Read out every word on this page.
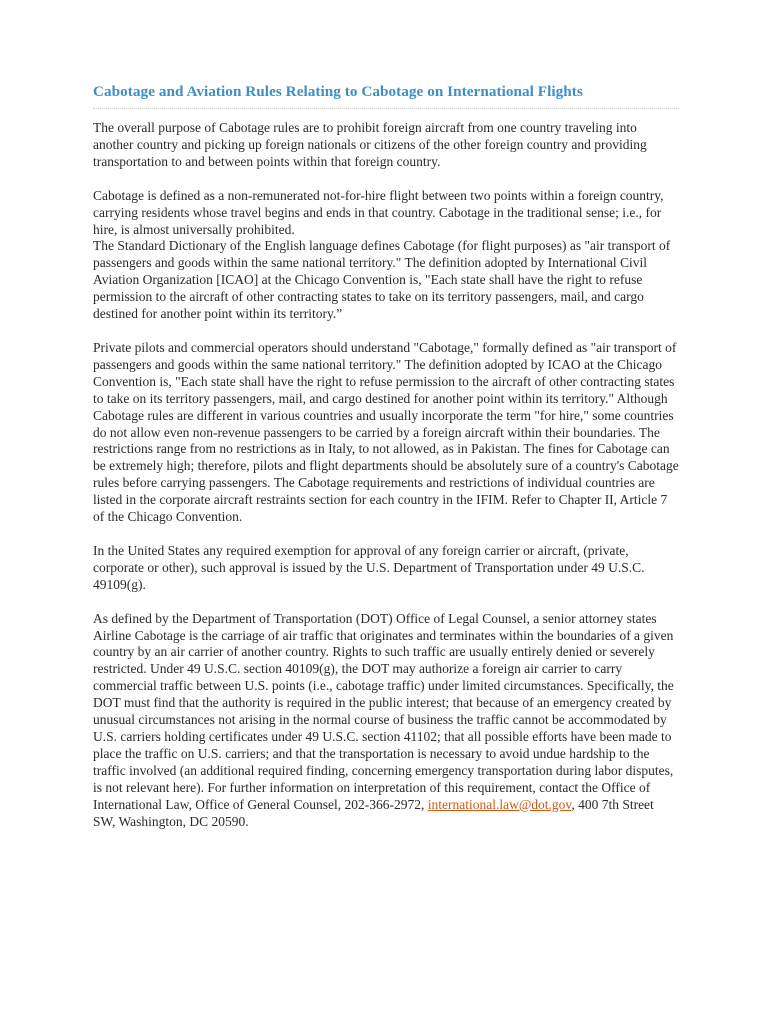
Cabotage and Aviation Rules Relating to Cabotage on International Flights

The overall purpose of Cabotage rules are to prohibit foreign aircraft from one country traveling into another country and picking up foreign nationals or citizens of the other foreign country and providing transportation to and between points within that foreign country.

Cabotage is defined as a non-remunerated not-for-hire flight between two points within a foreign country, carrying residents whose travel begins and ends in that country. Cabotage in the traditional sense; i.e., for hire, is almost universally prohibited.

The Standard Dictionary of the English language defines Cabotage (for flight purposes) as "air transport of passengers and goods within the same national territory." The definition adopted by International Civil Aviation Organization [ICAO] at the Chicago Convention is, "Each state shall have the right to refuse permission to the aircraft of other contracting states to take on its territory passengers, mail, and cargo destined for another point within its territory.”

Private pilots and commercial operators should understand "Cabotage," formally defined as "air transport of passengers and goods within the same national territory." The definition adopted by ICAO at the Chicago Convention is, "Each state shall have the right to refuse permission to the aircraft of other contracting states to take on its territory passengers, mail, and cargo destined for another point within its territory." Although Cabotage rules are different in various countries and usually incorporate the term "for hire," some countries do not allow even non-revenue passengers to be carried by a foreign aircraft within their boundaries. The restrictions range from no restrictions as in Italy, to not allowed, as in Pakistan. The fines for Cabotage can be extremely high; therefore, pilots and flight departments should be absolutely sure of a country's Cabotage rules before carrying passengers. The Cabotage requirements and restrictions of individual countries are listed in the corporate aircraft restraints section for each country in the IFIM. Refer to Chapter II, Article 7 of the Chicago Convention.

In the United States any required exemption for approval of any foreign carrier or aircraft, (private, corporate or other), such approval is issued by the U.S. Department of Transportation under 49 U.S.C. 49109(g).

As defined by the Department of Transportation (DOT) Office of Legal Counsel, a senior attorney states Airline Cabotage is the carriage of air traffic that originates and terminates within the boundaries of a given country by an air carrier of another country. Rights to such traffic are usually entirely denied or severely restricted. Under 49 U.S.C. section 40109(g), the DOT may authorize a foreign air carrier to carry commercial traffic between U.S. points (i.e., cabotage traffic) under limited circumstances. Specifically, the DOT must find that the authority is required in the public interest; that because of an emergency created by unusual circumstances not arising in the normal course of business the traffic cannot be accommodated by U.S. carriers holding certificates under 49 U.S.C. section 41102; that all possible efforts have been made to place the traffic on U.S. carriers; and that the transportation is necessary to avoid undue hardship to the traffic involved (an additional required finding, concerning emergency transportation during labor disputes, is not relevant here). For further information on interpretation of this requirement, contact the Office of International Law, Office of General Counsel, 202-366-2972, international.law@dot.gov, 400 7th Street SW, Washington, DC 20590.
